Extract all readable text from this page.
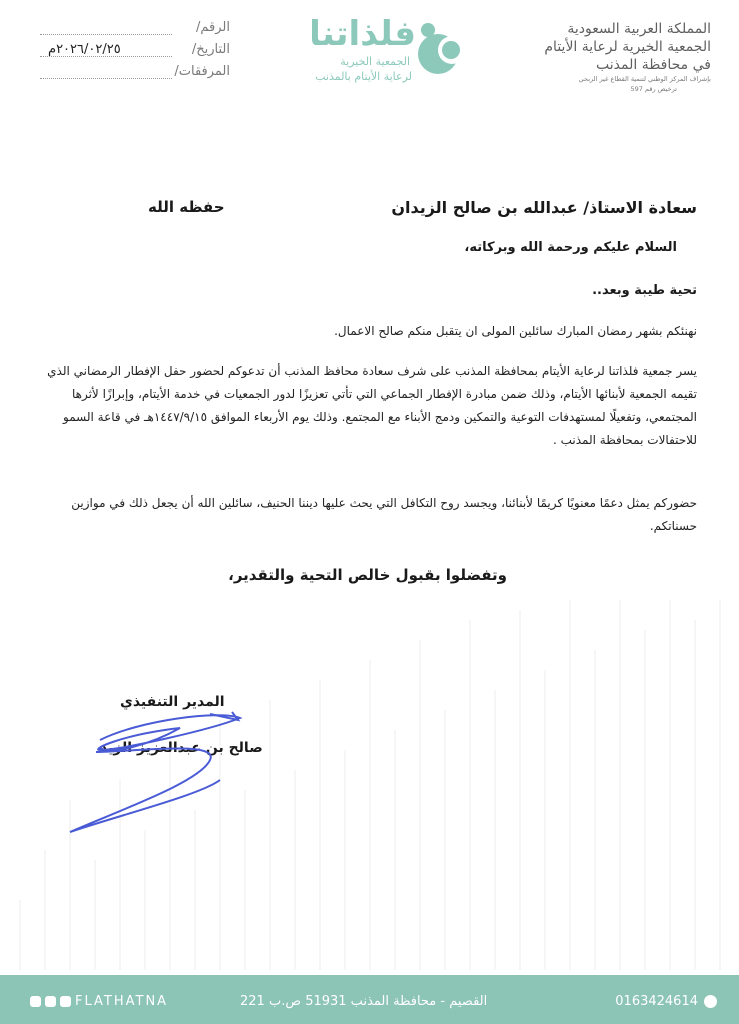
المملكة العربية السعودية
الجمعية الخيرية لرعاية الأيتام
في محافظة المذنب
بإشراف المركز الوطني لتنمية القطاع غير الربحي
ترخيص رقم 597
فلذاتنا
الجمعية الخيرية
لرعاية الأيتام بالمذنب
الرقم/
التاريخ/
٢٠٢٦/٠٢/٢٥م
المرفقات/
سعادة الاستاذ/ عبدالله بن صالح الزيدان
حفظه الله
السلام عليكم ورحمة الله وبركاته،
تحية طيبة وبعد..

نهنئكم بشهر رمضان المبارك سائلين المولى ان يتقبل منكم صالح الاعمال.

يسر جمعية فلذاتنا لرعاية الأيتام بمحافظة المذنب على شرف سعادة محافظ المذنب أن تدعوكم لحضور حفل الإفطار الرمضاني الذي تقيمه الجمعية لأبنائها الأيتام، وذلك ضمن مبادرة الإفطار الجماعي التي تأتي تعزيزًا لدور الجمعيات في خدمة الأيتام، وإبرازًا لأثرها المجتمعي، وتفعيلًا لمستهدفات التوعية والتمكين ودمج الأبناء مع المجتمع. وذلك يوم الأربعاء الموافق ١٤٤٧/٩/١٥هـ في قاعة السمو للاحتفالات بمحافظة المذنب .

حضوركم يمثل دعمًا معنويًا كريمًا لأبنائنا، ويجسد روح التكافل التي يحث عليها ديننا الحنيف، سائلين الله أن يجعل ذلك في موازين حسناتكم.

وتفضلوا بقبول خالص التحية والتقدير،
المدير التنفيذي
صالح بن عبدالعزيز الزيد
0163424614
القصيم - محافظة المذنب 51931 ص.ب 221
FLATHATNA
